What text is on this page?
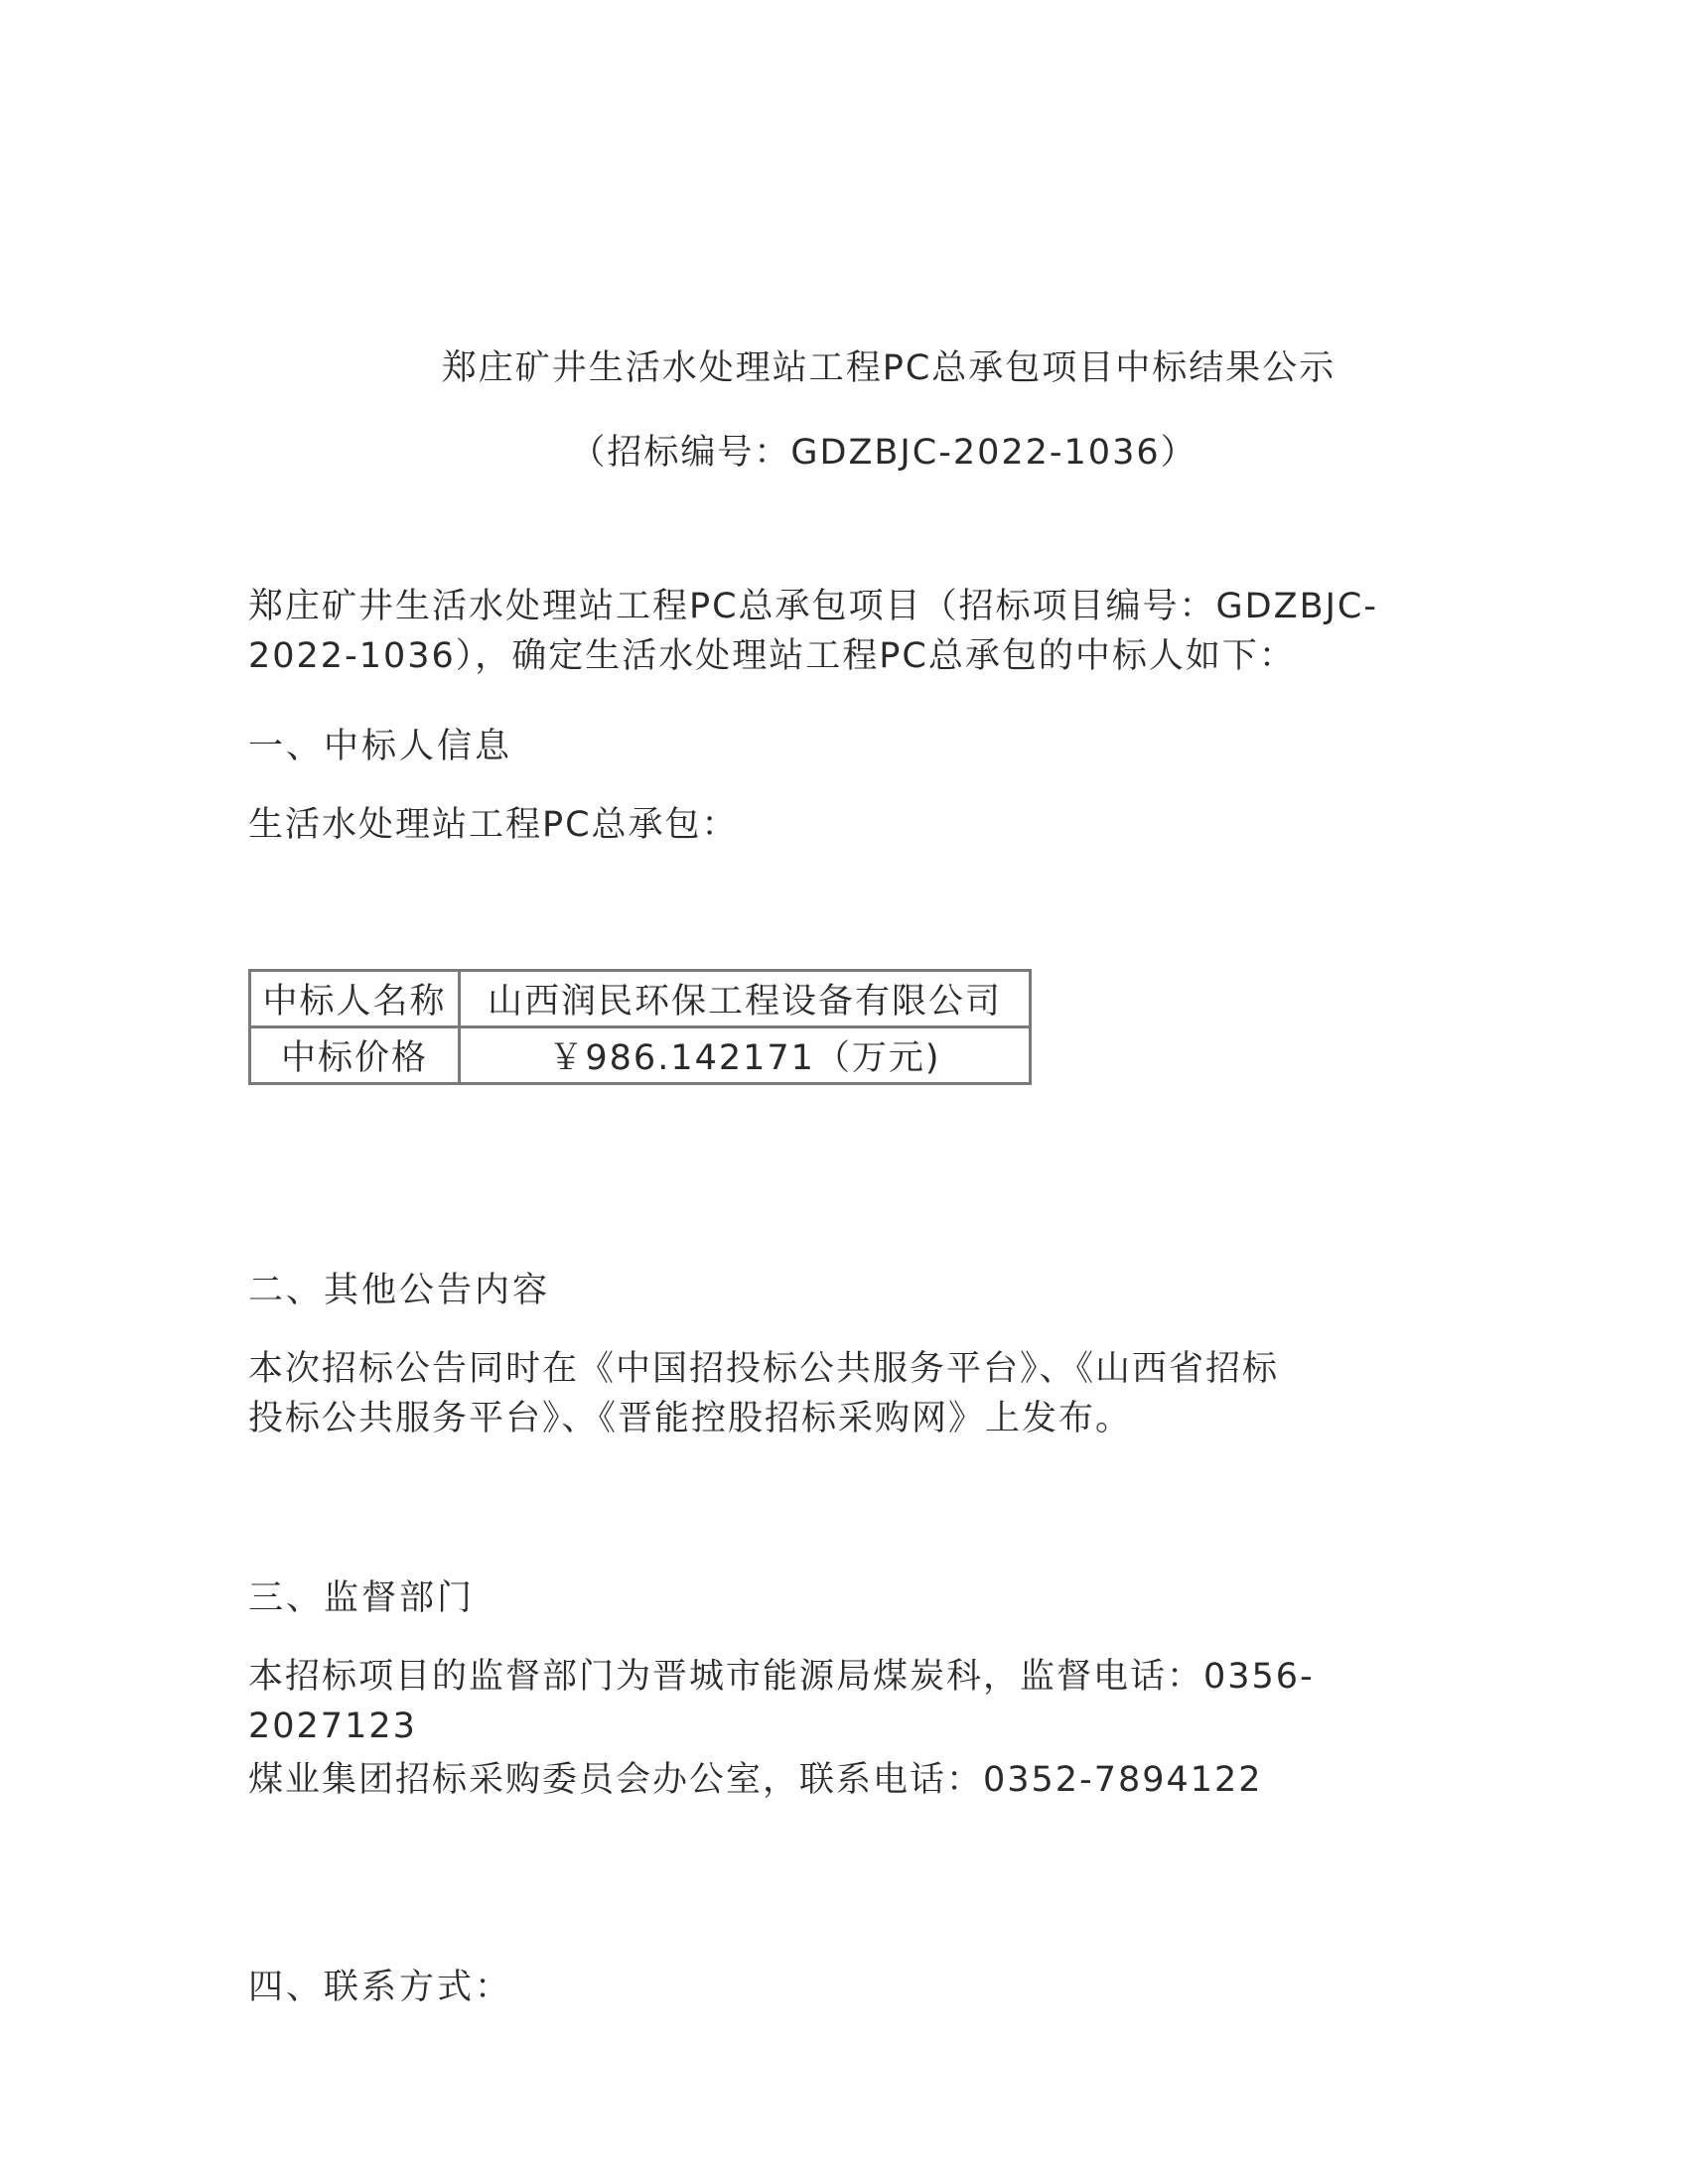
郑庄矿井生活水处理站工程PC总承包项目中标结果公示
（招标编号：GDZBJC-2022-1036）
郑庄矿井生活水处理站工程PC总承包项目（招标项目编号：GDZBJC-
2022-1036），确定生活水处理站工程PC总承包的中标人如下：
一、中标人信息
生活水处理站工程PC总承包：
中标人名称	山西润民环保工程设备有限公司
中标价格	￥986.142171（万元)
二、其他公告内容
本次招标公告同时在《中国招投标公共服务平台》、《山西省招标
投标公共服务平台》、《晋能控股招标采购网》上发布。
三、监督部门
本招标项目的监督部门为晋城市能源局煤炭科，监督电话：0356-
2027123
煤业集团招标采购委员会办公室，联系电话：0352-7894122
四、联系方式：
